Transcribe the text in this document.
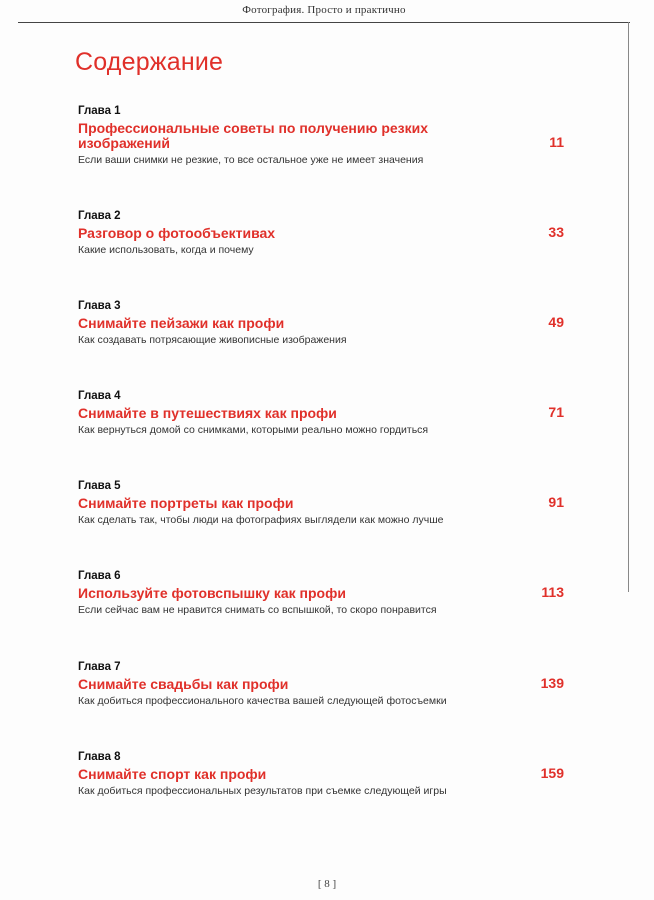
Фотография. Просто и практично
Содержание
Глава 1
Профессиональные советы по получению резких изображений
Если ваши снимки не резкие, то все остальное уже не имеет значения
11
Глава 2
Разговор о фотообъективах
Какие использовать, когда и почему
33
Глава 3
Снимайте пейзажи как профи
Как создавать потрясающие живописные изображения
49
Глава 4
Снимайте в путешествиях как профи
Как вернуться домой со снимками, которыми реально можно гордиться
71
Глава 5
Снимайте портреты как профи
Как сделать так, чтобы люди на фотографиях выглядели как можно лучше
91
Глава 6
Используйте фотовспышку как профи
Если сейчас вам не нравится снимать со вспышкой, то скоро понравится
113
Глава 7
Снимайте свадьбы как профи
Как добиться профессионального качества вашей следующей фотосъемки
139
Глава 8
Снимайте спорт как профи
Как добиться профессиональных результатов при съемке следующей игры
159
[ 8 ]
